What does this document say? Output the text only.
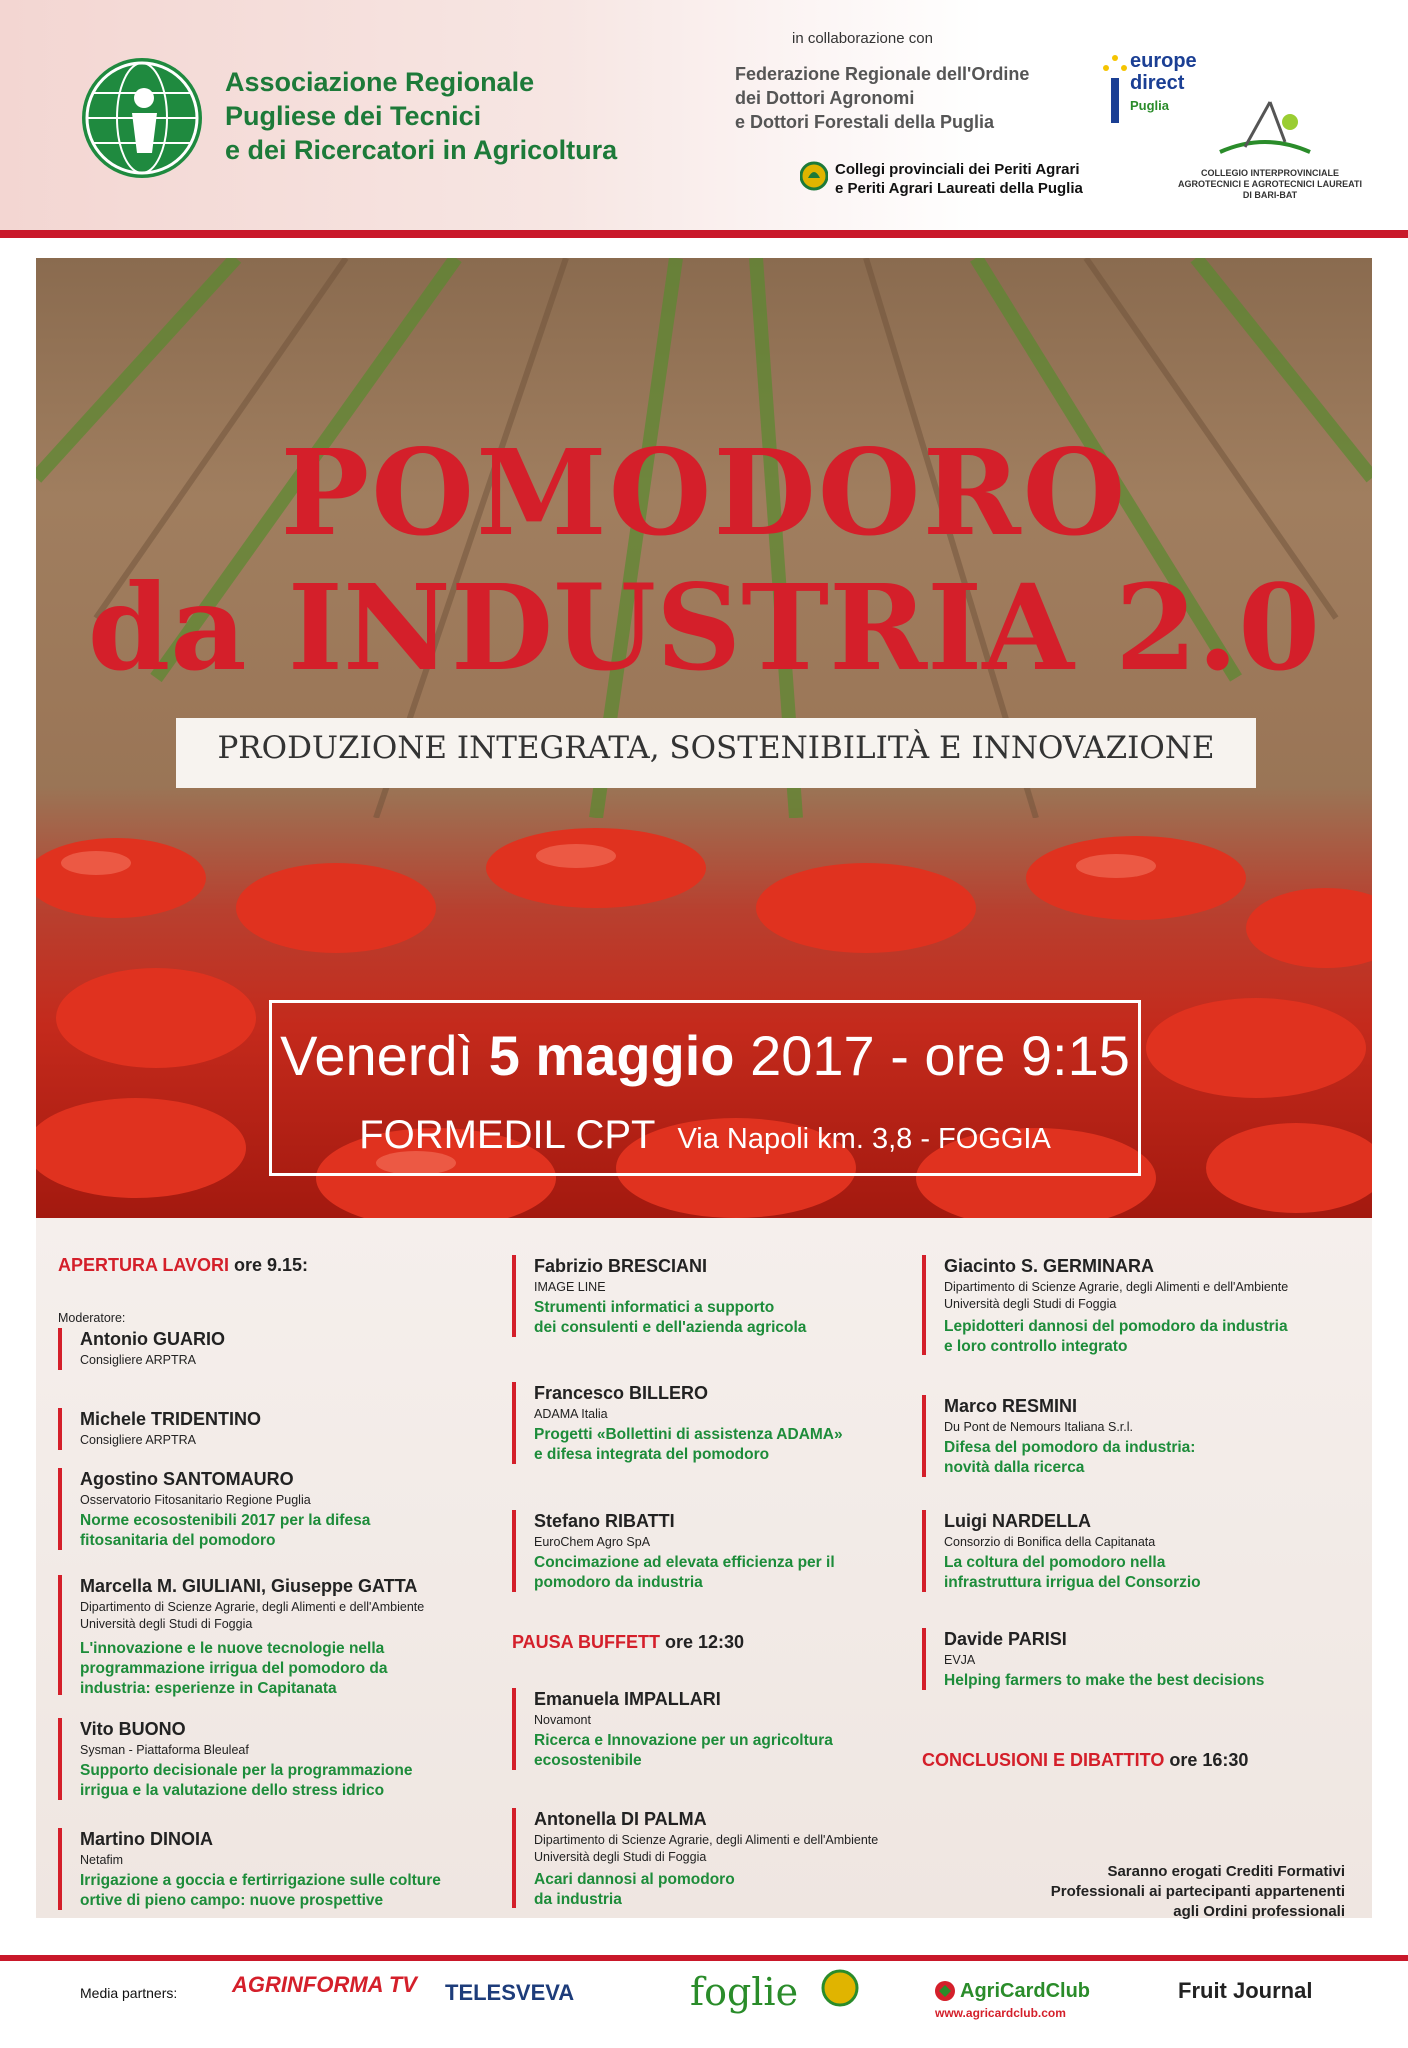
Associazione Regionale
Pugliese dei Tecnici
e dei Ricercatori in Agricoltura
in collaborazione con
Federazione Regionale dell'Ordine
dei Dottori Agronomi
e Dottori Forestali della Puglia
europe
direct
Puglia
Collegi provinciali dei Periti Agrari
e Periti Agrari Laureati della Puglia
COLLEGIO INTERPROVINCIALE
AGROTECNICI E AGROTECNICI LAUREATI
DI BARI-BAT
POMODORO
da INDUSTRIA 2.0
PRODUZIONE INTEGRATA, SOSTENIBILITÀ E INNOVAZIONE
Venerdì 5 maggio 2017 - ore 9:15
FORMEDIL CPT Via Napoli km. 3,8 - FOGGIA
APERTURA LAVORI ore 9.15:
Moderatore:
Antonio GUARIO
Consigliere ARPTRA
Michele TRIDENTINO
Consigliere ARPTRA
Agostino SANTOMAURO
Osservatorio Fitosanitario Regione Puglia
Norme ecosostenibili 2017 per la difesa
fitosanitaria del pomodoro
Marcella M. GIULIANI, Giuseppe GATTA
Dipartimento di Scienze Agrarie, degli Alimenti e dell'Ambiente
Università degli Studi di Foggia
L'innovazione e le nuove tecnologie nella
programmazione irrigua del pomodoro da
industria: esperienze in Capitanata
Vito BUONO
Sysman - Piattaforma Bleuleaf
Supporto decisionale per la programmazione
irrigua e la valutazione dello stress idrico
Martino DINOIA
Netafim
Irrigazione a goccia e fertirrigazione sulle colture
ortive di pieno campo: nuove prospettive
Fabrizio BRESCIANI
IMAGE LINE
Strumenti informatici a supporto
dei consulenti e dell'azienda agricola
Francesco BILLERO
ADAMA Italia
Progetti «Bollettini di assistenza ADAMA»
e difesa integrata del pomodoro
Stefano RIBATTI
EuroChem Agro SpA
Concimazione ad elevata efficienza per il
pomodoro da industria
PAUSA BUFFETT ore 12:30
Emanuela IMPALLARI
Novamont
Ricerca e Innovazione per un agricoltura
ecosostenibile
Antonella DI PALMA
Dipartimento di Scienze Agrarie, degli Alimenti e dell'Ambiente
Università degli Studi di Foggia
Acari dannosi al pomodoro
da industria
Giacinto S. GERMINARA
Dipartimento di Scienze Agrarie, degli Alimenti e dell'Ambiente
Università degli Studi di Foggia
Lepidotteri dannosi del pomodoro da industria
e loro controllo integrato
Marco RESMINI
Du Pont de Nemours Italiana S.r.l.
Difesa del pomodoro da industria:
novità dalla ricerca
Luigi NARDELLA
Consorzio di Bonifica della Capitanata
La coltura del pomodoro nella
infrastruttura irrigua del Consorzio
Davide PARISI
EVJA
Helping farmers to make the best decisions
CONCLUSIONI E DIBATTITO ore 16:30
Saranno erogati Crediti Formativi
Professionali ai partecipanti appartenenti
agli Ordini professionali
Media partners: AGRINFORMA TV TELESVEVA	foglie	AgriCardClub
www.agricardclub.com
Fruit Journal
